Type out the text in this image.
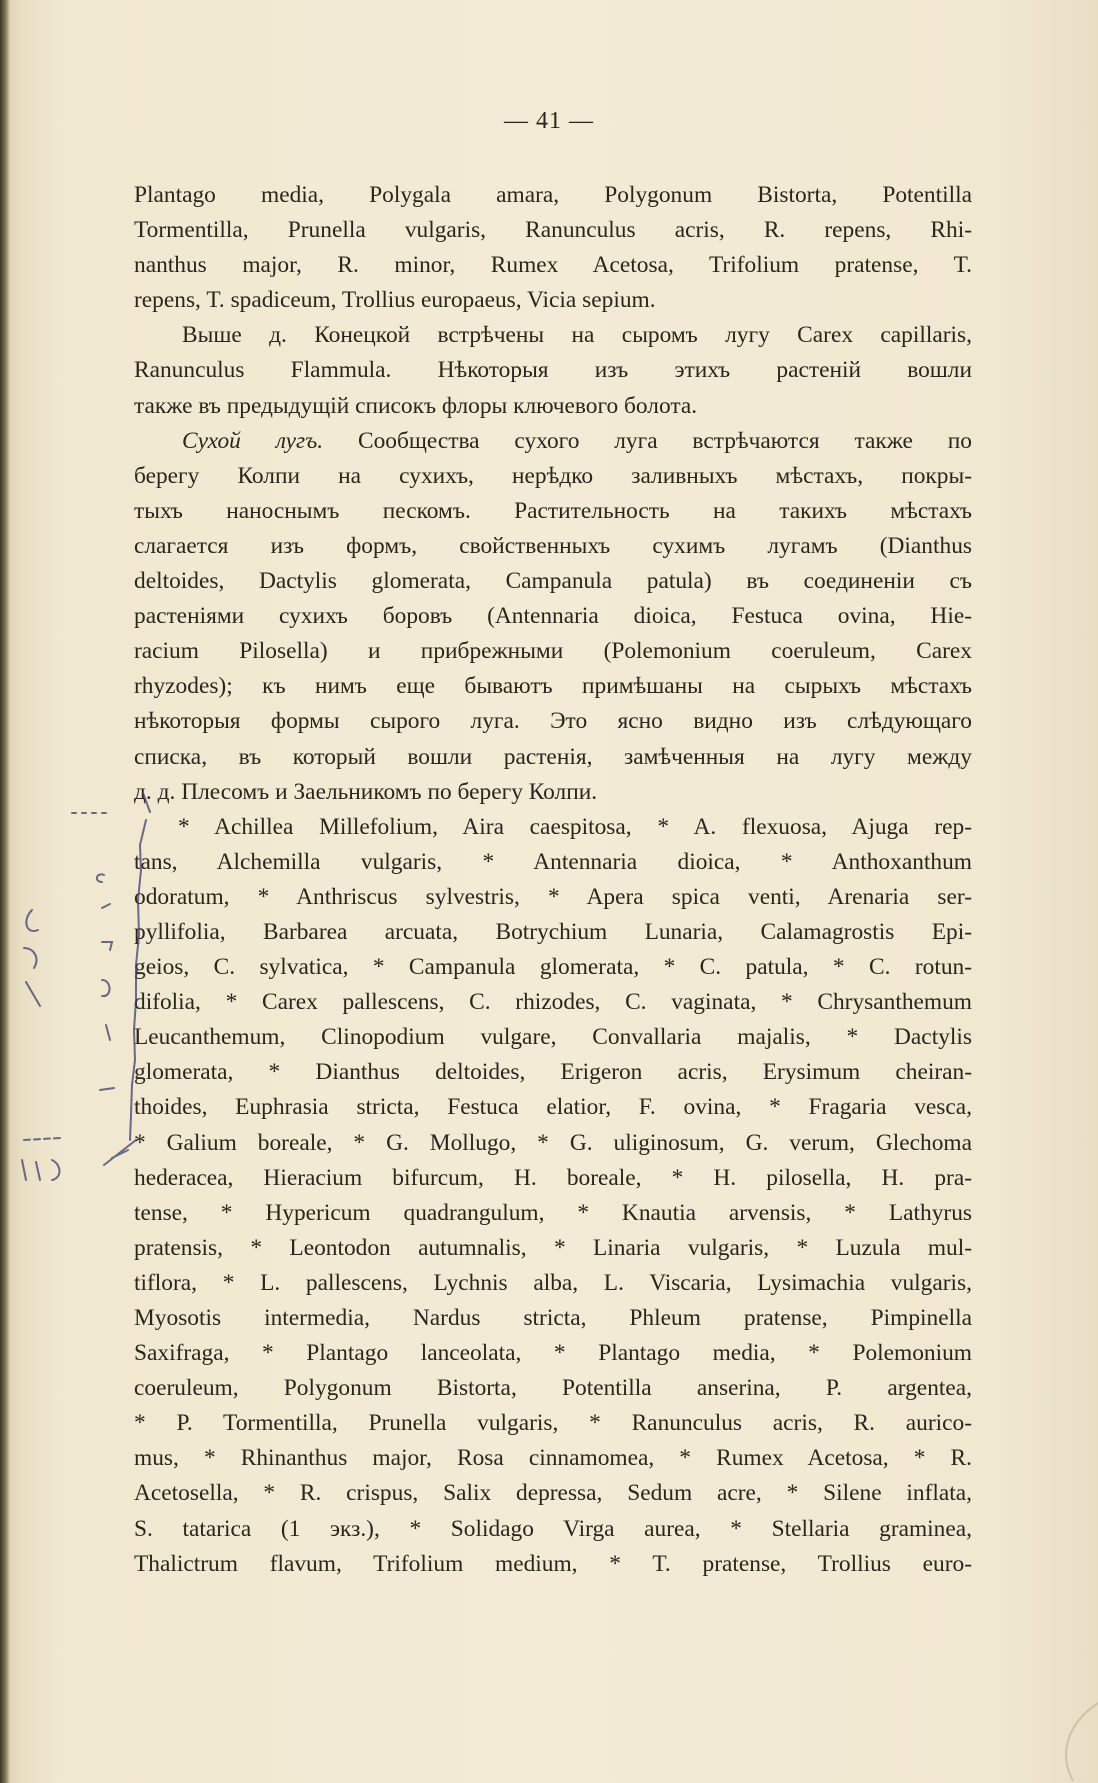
— 41 —
Plantago media, Polygala amara, Polygonum Bistorta, Potentilla
Tormentilla, Prunella vulgaris, Ranunculus acris, R. repens, Rhi-
nanthus major, R. minor, Rumex Acetosa, Trifolium pratense, T.
repens, T. spadiceum, Trollius europaeus, Vicia sepium.
Выше д. Конецкой встрѣчены на сыромъ лугу Carex capillaris,
Ranunculus Flammula. Нѣкоторыя изъ этихъ растеній вошли
также въ предыдущій списокъ флоры ключевого болота.
Сухой лугъ. Сообщества сухого луга встрѣчаются также по
берегу Колпи на сухихъ, нерѣдко заливныхъ мѣстахъ, покры-
тыхъ наноснымъ пескомъ. Растительность на такихъ мѣстахъ
слагается изъ формъ, свойственныхъ сухимъ лугамъ (Dianthus
deltoides, Dactylis glomerata, Campanula patula) въ соединеніи съ
растеніями сухихъ боровъ (Antennaria dioica, Festuca ovina, Hie-
racium Pilosella) и прибрежными (Polemonium coeruleum, Carex
rhyzodes); къ нимъ еще бываютъ примѣшаны на сырыхъ мѣстахъ
нѣкоторыя формы сырого луга. Это ясно видно изъ слѣдующаго
списка, въ который вошли растенія, замѣченныя на лугу между
д. д. Плесомъ и Заельникомъ по берегу Колпи.
* Achillea Millefolium, Aira caespitosa, * A. flexuosa, Ajuga rep-
tans, Alchemilla vulgaris, * Antennaria dioica, * Anthoxanthum
odoratum, * Anthriscus sylvestris, * Apera spica venti, Arenaria ser-
pyllifolia, Barbarea arcuata, Botrychium Lunaria, Calamagrostis Epi-
geios, C. sylvatica, * Campanula glomerata, * C. patula, * C. rotun-
difolia, * Carex pallescens, C. rhizodes, C. vaginata, * Chrysanthemum
Leucanthemum, Clinopodium vulgare, Convallaria majalis, * Dactylis
glomerata, * Dianthus deltoides, Erigeron acris, Erysimum cheiran-
thoides, Euphrasia stricta, Festuca elatior, F. ovina, * Fragaria vesca,
* Galium boreale, * G. Mollugo, * G. uliginosum, G. verum, Glechoma
hederacea, Hieracium bifurcum, H. boreale, * H. pilosella, H. pra-
tense, * Hypericum quadrangulum, * Knautia arvensis, * Lathyrus
pratensis, * Leontodon autumnalis, * Linaria vulgaris, * Luzula mul-
tiflora, * L. pallescens, Lychnis alba, L. Viscaria, Lysimachia vulgaris,
Myosotis intermedia, Nardus stricta, Phleum pratense, Pimpinella
Saxifraga, * Plantago lanceolata, * Plantago media, * Polemonium
coeruleum, Polygonum Bistorta, Potentilla anserina, P. argentea,
* P. Tormentilla, Prunella vulgaris, * Ranunculus acris, R. aurico-
mus, * Rhinanthus major, Rosa cinnamomea, * Rumex Acetosa, * R.
Acetosella, * R. crispus, Salix depressa, Sedum acre, * Silene inflata,
S. tatarica (1 экз.), * Solidago Virga aurea, * Stellaria graminea,
Thalictrum flavum, Trifolium medium, * T. pratense, Trollius euro-
